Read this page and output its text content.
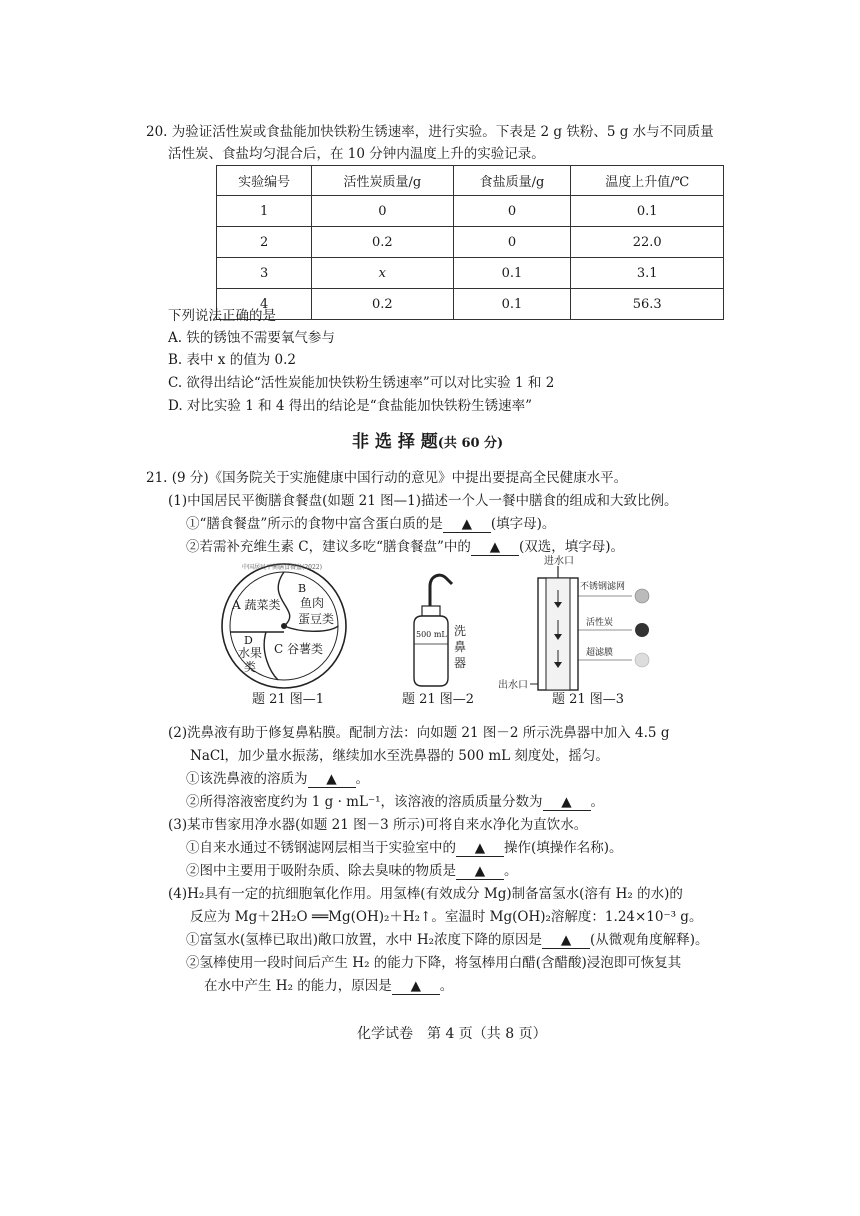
20. 为验证活性炭或食盐能加快铁粉生锈速率，进行实验。下表是 2 g 铁粉、5 g 水与不同质量
活性炭、食盐均匀混合后，在 10 分钟内温度上升的实验记录。
实验编号	活性炭质量/g	食盐质量/g	温度上升值/℃
1	0	0	0.1
2	0.2	0	22.0
3	x	0.1	3.1
4	0.2	0.1	56.3
下列说法正确的是
A. 铁的锈蚀不需要氧气参与
B. 表中 x 的值为 0.2
C. 欲得出结论“活性炭能加快铁粉生锈速率”可以对比实验 1 和 2
D. 对比实验 1 和 4 得出的结论是“食盐能加快铁粉生锈速率”
非 选 择 题(共 60 分)
21. (9 分)《国务院关于实施健康中国行动的意见》中提出要提高全民健康水平。
(1)中国居民平衡膳食餐盘(如题 21 图—1)描述一个人一餐中膳食的组成和大致比例。
①“膳食餐盘”所示的食物中富含蛋白质的是 ▲ (填字母)。
②若需补充维生素 C，建议多吃“膳食餐盘”中的 ▲ (双选，填字母)。
中国居民平衡膳食餐盘(2022)
A 蔬菜类
B
鱼肉
蛋豆类
D
水果
类
C 谷薯类
题 21 图—1
500 mL 洗
鼻
器
题 21 图—2
进水口
不锈钢滤网
活性炭
超滤膜
出水口
题 21 图—3
(2)洗鼻液有助于修复鼻粘膜。配制方法：向如题 21 图－2 所示洗鼻器中加入 4.5 g
NaCl，加少量水振荡，继续加水至洗鼻器的 500 mL 刻度处，摇匀。
①该洗鼻液的溶质为 ▲ 。
②所得溶液密度约为 1 g · mL⁻¹，该溶液的溶质质量分数为 ▲ 。
(3)某市售家用净水器(如题 21 图－3 所示)可将自来水净化为直饮水。
①自来水通过不锈钢滤网层相当于实验室中的 ▲ 操作(填操作名称)。
②图中主要用于吸附杂质、除去臭味的物质是 ▲ 。
(4)H₂具有一定的抗细胞氧化作用。用氢棒(有效成分 Mg)制备富氢水(溶有 H₂ 的水)的
反应为 Mg＋2H₂O ══Mg(OH)₂＋H₂↑。室温时 Mg(OH)₂溶解度：1.24×10⁻³ g。
①富氢水(氢棒已取出)敞口放置，水中 H₂浓度下降的原因是 ▲ (从微观角度解释)。
②氢棒使用一段时间后产生 H₂ 的能力下降，将氢棒用白醋(含醋酸)浸泡即可恢复其
在水中产生 H₂ 的能力，原因是 ▲ 。
化学试卷　第 4 页（共 8 页）
